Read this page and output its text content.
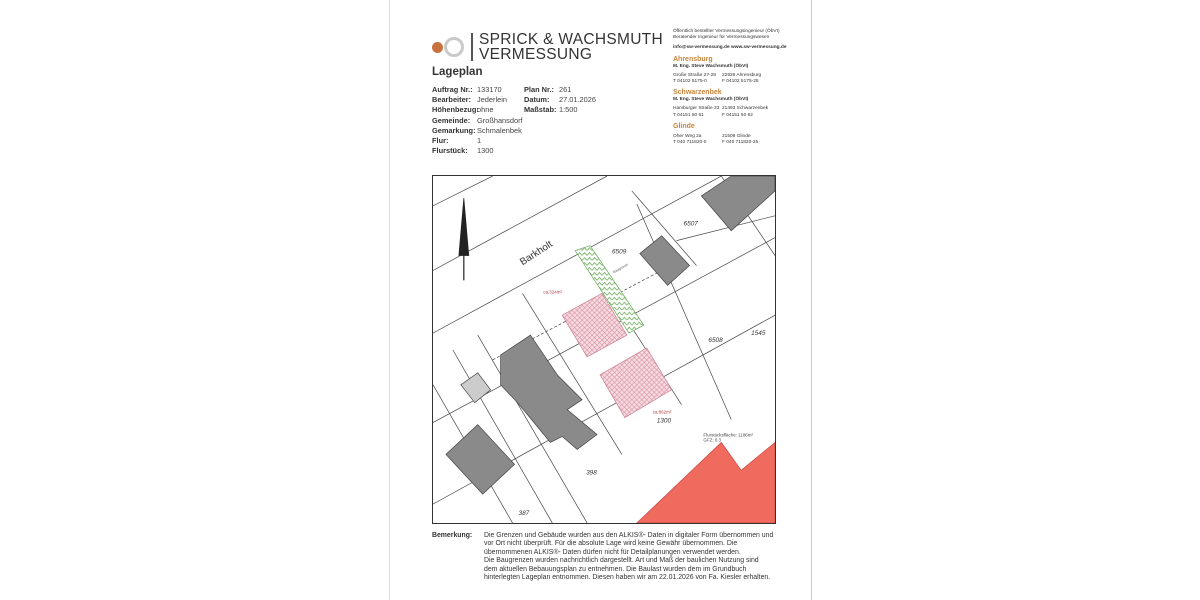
SPRICK & WACHSMUTH
VERMESSUNG
Lageplan
Auftrag Nr.: 133170
Bearbeiter: Jederlein
Höhenbezug:ohne
Gemeinde: Großhansdorf
Gemarkung:Schmalenbek
Flur:	1
Flurstück: 1300
Plan Nr.: 261
Datum: 27.01.2026
Maßstab: 1:500
Öffentlich bestellter Vermessungsingenieur (ÖbVI)
Beratender Ingenieur für Vermessungswesen
info@sw-vermessung.de www.sw-vermessung.de
Ahrensburg
M. Eng. Steve Wachsmuth (ÖbVI)
Große Straße 27-29	22926 Ahrensburg
T 04102 5175-0	F 04102 5175-25
Schwarzenbek
M. Eng. Steve Wachsmuth (ÖbVI)
Hamburger Straße 33 21493 Schwarzenbek
T 04151 50 61	F 04151 50 62
Glinde
Oher Weg 2a	21509 Glinde
T 040 711820-0	F 040 711820-25
Barkholt	6509
6507
6508
1545
1300
398
387
ca.324m²
ca.862m²
Baugrenze
Flurstücksfläche: 1186m²
GFZ: 0.3
Bemerkung:	Die Grenzen und Gebäude wurden aus den ALKIS®- Daten in digitaler Form übernommen und
vor Ort nicht überprüft. Für die absolute Lage wird keine Gewähr übernommen. Die
übernommenen ALKIS®- Daten dürfen nicht für Detailplanungen verwendet werden.
Die Baugrenzen wurden nachrichtlich dargestellt. Art und Maß der baulichen Nutzung sind
dem aktuellen Bebauungsplan zu entnehmen. Die Baulast wurden dem im Grundbuch
hinterlegten Lageplan entnommen. Diesen haben wir am 22.01.2026 von Fa. Kiesler erhalten.
